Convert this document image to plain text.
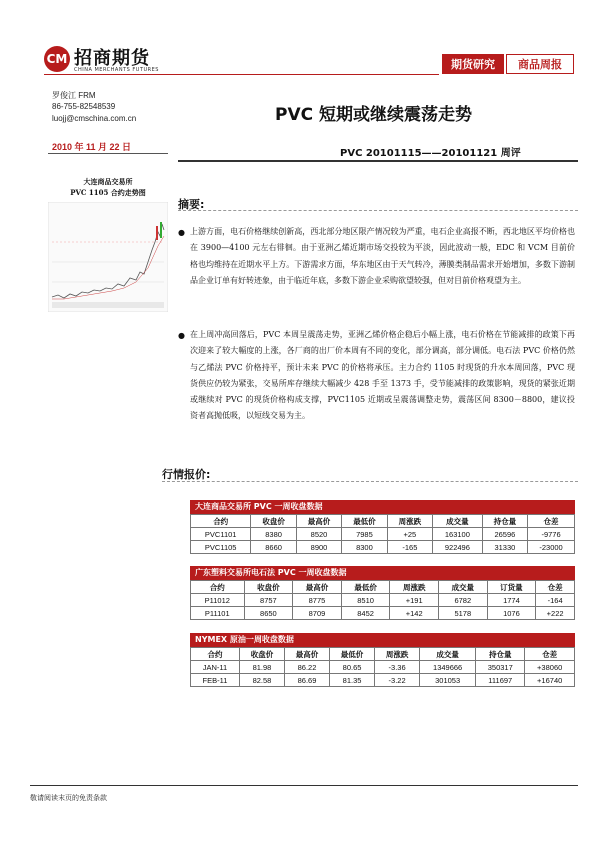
CM 招商期货
CHINA MERCHANTS FUTURES	期货研究	商品周报
罗俊江 FRM
86-755-82548539
luojj@cmschina.com.cn
2010 年 11 月 22 日
PVC 短期或继续震荡走势
PVC 20101115——20101121 周评
大连商品交易所
PVC 1105 合约走势图
摘要:
● 上游方面，电石价格继续创新高，西北部分地区限产情况较为严重，电石企业高报不断，西北地区平均价格也在 3900—4100 元左右徘徊。由于亚洲乙烯近期市场交投较为平淡，因此波动一般，EDC 和 VCM 目前价格也均维持在近期水平上方。下游需求方面，华东地区由于天气转冷，薄膜类制品需求开始增加，多数下游制品企业订单有好转迹象，由于临近年底，多数下游企业采购欲望较强，但对目前价格观望为主。
● 在上周冲高回落后，PVC 本周呈震荡走势，亚洲乙烯价格企稳后小幅上涨，电石价格在节能减排的政策下再次迎来了较大幅度的上涨，各厂商的出厂价本周有不同的变化，部分调高，部分调低。电石法 PVC 价格仍然与乙烯法 PVC 价格持平，预计未来 PVC 的价格将承压。主力合约 1105 时现货的升水本周回落，PVC 现货供应仍较为紧张，交易所库存继续大幅减少 428 手至 1373 手，受节能减排的政策影响，现货的紧张近期或继续对 PVC 的现货价格构成支撑，PVC1105 近期或呈震荡调整走势，震荡区间 8300－8800，建议投资者高抛低吸，以短线交易为主。
行情报价:
大连商品交易所 PVC 一周收盘数据
合约	收盘价	最高价	最低价	周涨跌	成交量	持仓量	仓差
PVC1101	8380	8520	7985	+25	163100	26596	-9776
PVC1105	8660	8900	8300	-165	922496	31330	-23000
广东塑料交易所电石法 PVC 一周收盘数据
合约	收盘价	最高价	最低价	周涨跌	成交量	订货量	仓差
P11012	8757	8775	8510	+191	6782	1774	-164
P11101	8650	8709	8452	+142	5178	1076	+222
NYMEX 原油一周收盘数据
合约	收盘价	最高价	最低价	周涨跌	成交量	持仓量	仓差
JAN-11	81.98	86.22	80.65	-3.36	1349666	350317	+38060
FEB-11	82.58	86.69	81.35	-3.22	301053	111697	+16740
敬请阅读末页的免责条款
